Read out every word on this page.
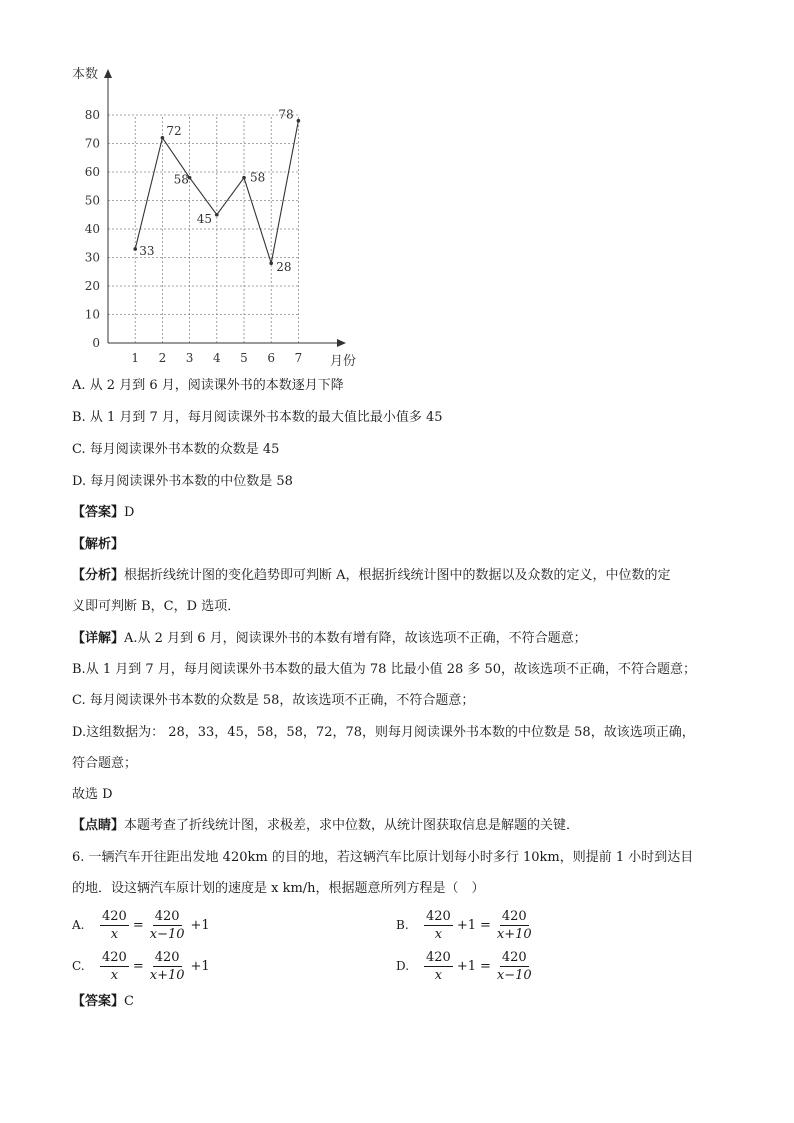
本数
月份
0
10
20
30
40
50
60
70
80
1 2 3 4 5 6 7
33
72
58
45
58
28
78
A. 从 2 月到 6 月，阅读课外书的本数逐月下降
B. 从 1 月到 7 月，每月阅读课外书本数的最大值比最小值多 45
C. 每月阅读课外书本数的众数是 45
D. 每月阅读课外书本数的中位数是 58
【答案】D
【解析】
【分析】根据折线统计图的变化趋势即可判断 A，根据折线统计图中的数据以及众数的定义，中位数的定
义即可判断 B，C，D 选项．
【详解】A.从 2 月到 6 月，阅读课外书的本数有增有降，故该选项不正确，不符合题意；
B.从 1 月到 7 月，每月阅读课外书本数的最大值为 78 比最小值 28 多 50，故该选项不正确，不符合题意；
C. 每月阅读课外书本数的众数是 58，故该选项不正确，不符合题意；
D.这组数据为： 28，33，45，58，58，72，78，则每月阅读课外书本数的中位数是 58，故该选项正确，
符合题意；
故选 D
【点睛】本题考查了折线统计图，求极差，求中位数，从统计图获取信息是解题的关键．
6. 一辆汽车开往距出发地 420km 的目的地，若这辆汽车比原计划每小时多行 10km，则提前 1 小时到达目
的地．设这辆汽车原计划的速度是 x km/h，根据题意所列方程是（　）
A.	$\frac{420}{x} = \frac{420}{x-10} +1$	B.	$\frac{420}{x} +1 = \frac{420}{x+10}$
C.	$\frac{420}{x} = \frac{420}{x+10} +1$	D.	$\frac{420}{x} +1 = \frac{420}{x-10}$
【答案】C
